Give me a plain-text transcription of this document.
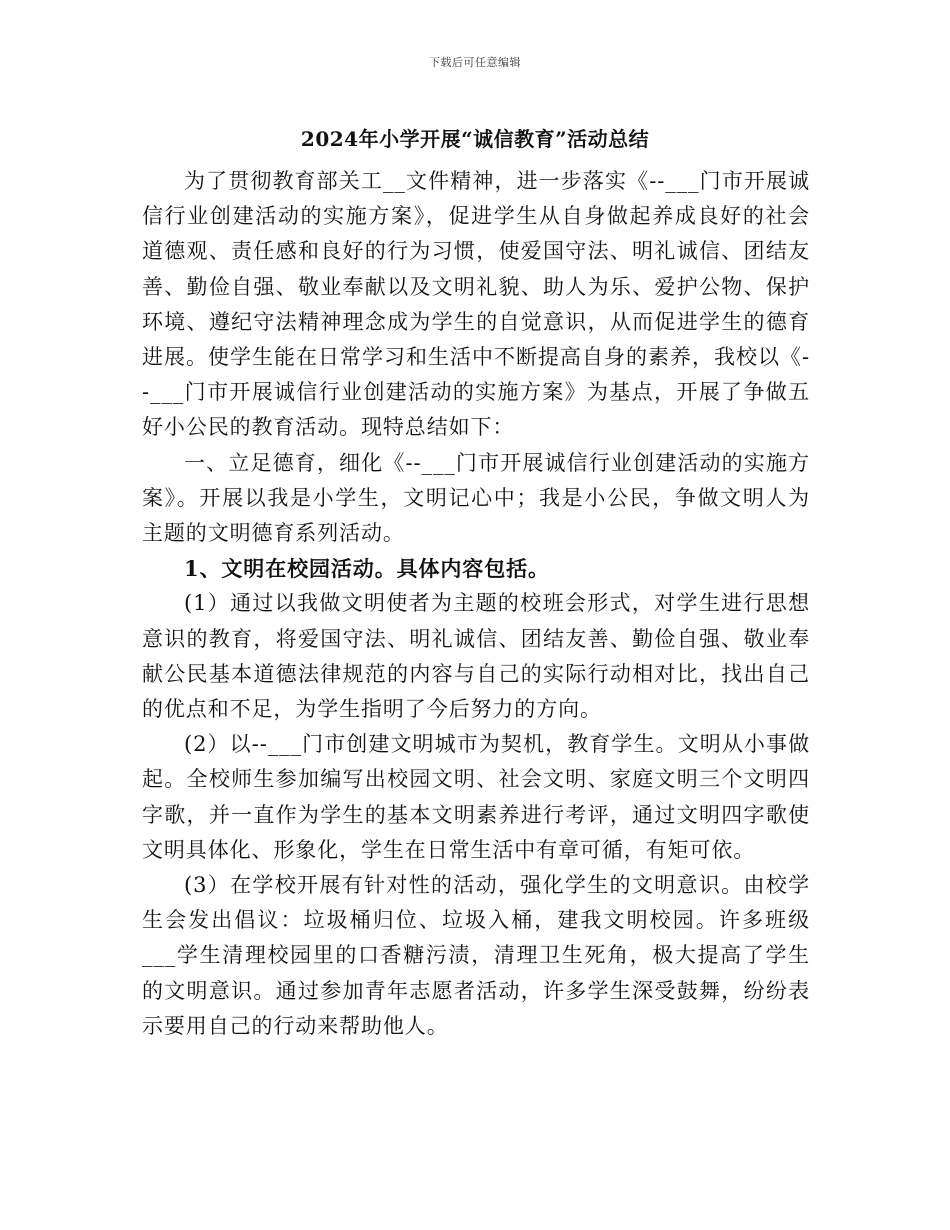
下载后可任意编辑
2024年小学开展“诚信教育”活动总结

为了贯彻教育部关工__文件精神，进一步落实《--___门市开展诚信行业创建活动的实施方案》，促进学生从自身做起养成良好的社会道德观、责任感和良好的行为习惯，使爱国守法、明礼诚信、团结友善、勤俭自强、敬业奉献以及文明礼貌、助人为乐、爱护公物、保护环境、遵纪守法精神理念成为学生的自觉意识，从而促进学生的德育进展。使学生能在日常学习和生活中不断提高自身的素养，我校以《--___门市开展诚信行业创建活动的实施方案》为基点，开展了争做五好小公民的教育活动。现特总结如下：

一、立足德育，细化《--___门市开展诚信行业创建活动的实施方案》。开展以我是小学生，文明记心中；我是小公民，争做文明人为主题的文明德育系列活动。

1、文明在校园活动。具体内容包括。

(1）通过以我做文明使者为主题的校班会形式，对学生进行思想意识的教育，将爱国守法、明礼诚信、团结友善、勤俭自强、敬业奉献公民基本道德法律规范的内容与自己的实际行动相对比，找出自己的优点和不足，为学生指明了今后努力的方向。

(2）以--___门市创建文明城市为契机，教育学生。文明从小事做起。全校师生参加编写出校园文明、社会文明、家庭文明三个文明四字歌，并一直作为学生的基本文明素养进行考评，通过文明四字歌使文明具体化、形象化，学生在日常生活中有章可循，有矩可依。

(3）在学校开展有针对性的活动，强化学生的文明意识。由校学生会发出倡议：垃圾桶归位、垃圾入桶，建我文明校园。许多班级___学生清理校园里的口香糖污渍，清理卫生死角，极大提高了学生的文明意识。通过参加青年志愿者活动，许多学生深受鼓舞，纷纷表示要用自己的行动来帮助他人。
